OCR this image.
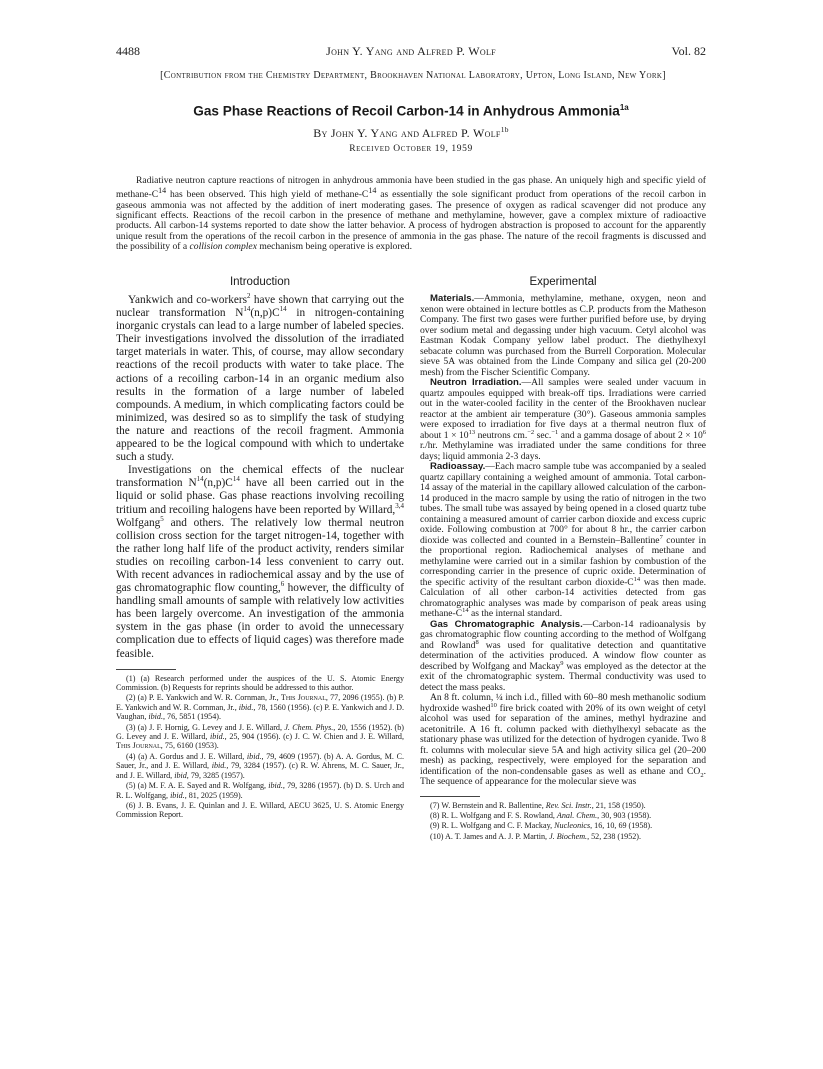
4488	John Y. Yang and Alfred P. Wolf	Vol. 82
[Contribution from the Chemistry Department, Brookhaven National Laboratory, Upton, Long Island, New York]
Gas Phase Reactions of Recoil Carbon-14 in Anhydrous Ammonia$^{1a}$
By John Y. Yang and Alfred P. Wolf$^{1b}$
Received October 19, 1959

Radiative neutron capture reactions of nitrogen in anhydrous ammonia have been studied in the gas phase. An uniquely high and specific yield of methane-$C^{14}$ has been observed. This high yield of methane-$C^{14}$ as essentially the sole significant product from operations of the recoil carbon in gaseous ammonia was not affected by the addition of inert moderating gases. The presence of oxygen as radical scavenger did not produce any significant effects. Reactions of the recoil carbon in the presence of methane and methylamine, however, gave a complex mixture of radioactive products. All carbon-14 systems reported to date show the latter behavior. A process of hydrogen abstraction is proposed to account for the apparently unique result from the operations of the recoil carbon in the presence of ammonia in the gas phase. The nature of the recoil fragments is discussed and the possibility of a collision complex mechanism being operative is explored.

Introduction

Yankwich and co-workers$^2$ have shown that carrying out the nuclear transformation $N^{14}(n,p)C^{14}$ in nitrogen-containing inorganic crystals can lead to a large number of labeled species. Their investigations involved the dissolution of the irradiated target materials in water. This, of course, may allow secondary reactions of the recoil products with water to take place. The actions of a recoiling carbon-14 in an organic medium also results in the formation of a large number of labeled compounds. A medium, in which complicating factors could be minimized, was desired so as to simplify the task of studying the nature and reactions of the recoil fragment. Ammonia appeared to be the logical compound with which to undertake such a study.

Investigations on the chemical effects of the nuclear transformation $N^{14}(n,p)C^{14}$ have all been carried out in the liquid or solid phase. Gas phase reactions involving recoiling tritium and recoiling halogens have been reported by Willard,$^{3,4}$ Wolfgang$^5$ and others. The relatively low thermal neutron collision cross section for the target nitrogen-14, together with the rather long half life of the product activity, renders similar studies on recoiling carbon-14 less convenient to carry out. With recent advances in radiochemical assay and by the use of gas chromatographic flow counting,$^6$ however, the difficulty of handling small amounts of sample with relatively low activities has been largely overcome. An investigation of the ammonia system in the gas phase (in order to avoid the unnecessary complication due to effects of liquid cages) was therefore made feasible.

(1) (a) Research performed under the auspices of the U. S. Atomic Energy Commission. (b) Requests for reprints should be addressed to this author.

(2) (a) P. E. Yankwich and W. R. Cornman, Jr., This Journal, 77, 2096 (1955). (b) P. E. Yankwich and W. R. Cornman, Jr., ibid., 78, 1560 (1956). (c) P. E. Yankwich and J. D. Vaughan, ibid., 76, 5851 (1954).

(3) (a) J. F. Hornig, G. Levey and J. E. Willard, J. Chem. Phys., 20, 1556 (1952). (b) G. Levey and J. E. Willard, ibid., 25, 904 (1956). (c) J. C. W. Chien and J. E. Willard, This Journal, 75, 6160 (1953).

(4) (a) A. Gordus and J. E. Willard, ibid., 79, 4609 (1957). (b) A. A. Gordus, M. C. Sauer, Jr., and J. E. Willard, ibid., 79, 3284 (1957). (c) R. W. Ahrens, M. C. Sauer, Jr., and J. E. Willard, ibid, 79, 3285 (1957).

(5) (a) M. F. A. E. Sayed and R. Wolfgang, ibid., 79, 3286 (1957). (b) D. S. Urch and R. L. Wolfgang, ibid., 81, 2025 (1959).

(6) J. B. Evans, J. E. Quinlan and J. E. Willard, AECU 3625, U. S. Atomic Energy Commission Report.

Experimental

Materials.—Ammonia, methylamine, methane, oxygen, neon and xenon were obtained in lecture bottles as C.P. products from the Matheson Company. The first two gases were further purified before use, by drying over sodium metal and degassing under high vacuum. Cetyl alcohol was Eastman Kodak Company yellow label product. The diethylhexyl sebacate column was purchased from the Burrell Corporation. Molecular sieve 5A was obtained from the Linde Company and silica gel (20-200 mesh) from the Fischer Scientific Company.

Neutron Irradiation.—All samples were sealed under vacuum in quartz ampoules equipped with break-off tips. Irradiations were carried out in the water-cooled facility in the center of the Brookhaven nuclear reactor at the ambient air temperature (30°). Gaseous ammonia samples were exposed to irradiation for five days at a thermal neutron flux of about $1 \times 10^{13}$ neutrons cm.$^{-2}$ sec.$^{-1}$ and a gamma dosage of about $2 \times 10^6$ r./hr. Methylamine was irradiated under the same conditions for three days; liquid ammonia 2-3 days.

Radioassay.—Each macro sample tube was accompanied by a sealed quartz capillary containing a weighed amount of ammonia. Total carbon-14 assay of the material in the capillary allowed calculation of the carbon-14 produced in the macro sample by using the ratio of nitrogen in the two tubes. The small tube was assayed by being opened in a closed quartz tube containing a measured amount of carrier carbon dioxide and excess cupric oxide. Following combustion at 700° for about 8 hr., the carrier carbon dioxide was collected and counted in a Bernstein–Ballentine$^7$ counter in the proportional region. Radiochemical analyses of methane and methylamine were carried out in a similar fashion by combustion of the corresponding carrier in the presence of cupric oxide. Determination of the specific activity of the resultant carbon dioxide-$C^{14}$ was then made. Calculation of all other carbon-14 activities detected from gas chromatographic analyses was made by comparison of peak areas using methane-$C^{14}$ as the internal standard.

Gas Chromatographic Analysis.—Carbon-14 radioanalysis by gas chromatographic flow counting according to the method of Wolfgang and Rowland$^8$ was used for qualitative detection and quantitative determination of the activities produced. A window flow counter as described by Wolfgang and Mackay$^9$ was employed as the detector at the exit of the chromatographic system. Thermal conductivity was used to detect the mass peaks.

An 8 ft. column, ¼ inch i.d., filled with 60–80 mesh methanolic sodium hydroxide washed$^{10}$ fire brick coated with 20% of its own weight of cetyl alcohol was used for separation of the amines, methyl hydrazine and acetonitrile. A 16 ft. column packed with diethylhexyl sebacate as the stationary phase was utilized for the detection of hydrogen cyanide. Two 8 ft. columns with molecular sieve 5A and high activity silica gel (20–200 mesh) as packing, respectively, were employed for the separation and identification of the non-condensable gases as well as ethane and $CO_2$. The sequence of appearance for the molecular sieve was

(7) W. Bernstein and R. Ballentine, Rev. Sci. Instr., 21, 158 (1950).

(8) R. L. Wolfgang and F. S. Rowland, Anal. Chem., 30, 903 (1958).

(9) R. L. Wolfgang and C. F. Mackay, Nucleonics, 16, 10, 69 (1958).

(10) A. T. James and A. J. P. Martin, J. Biochem., 52, 238 (1952).
